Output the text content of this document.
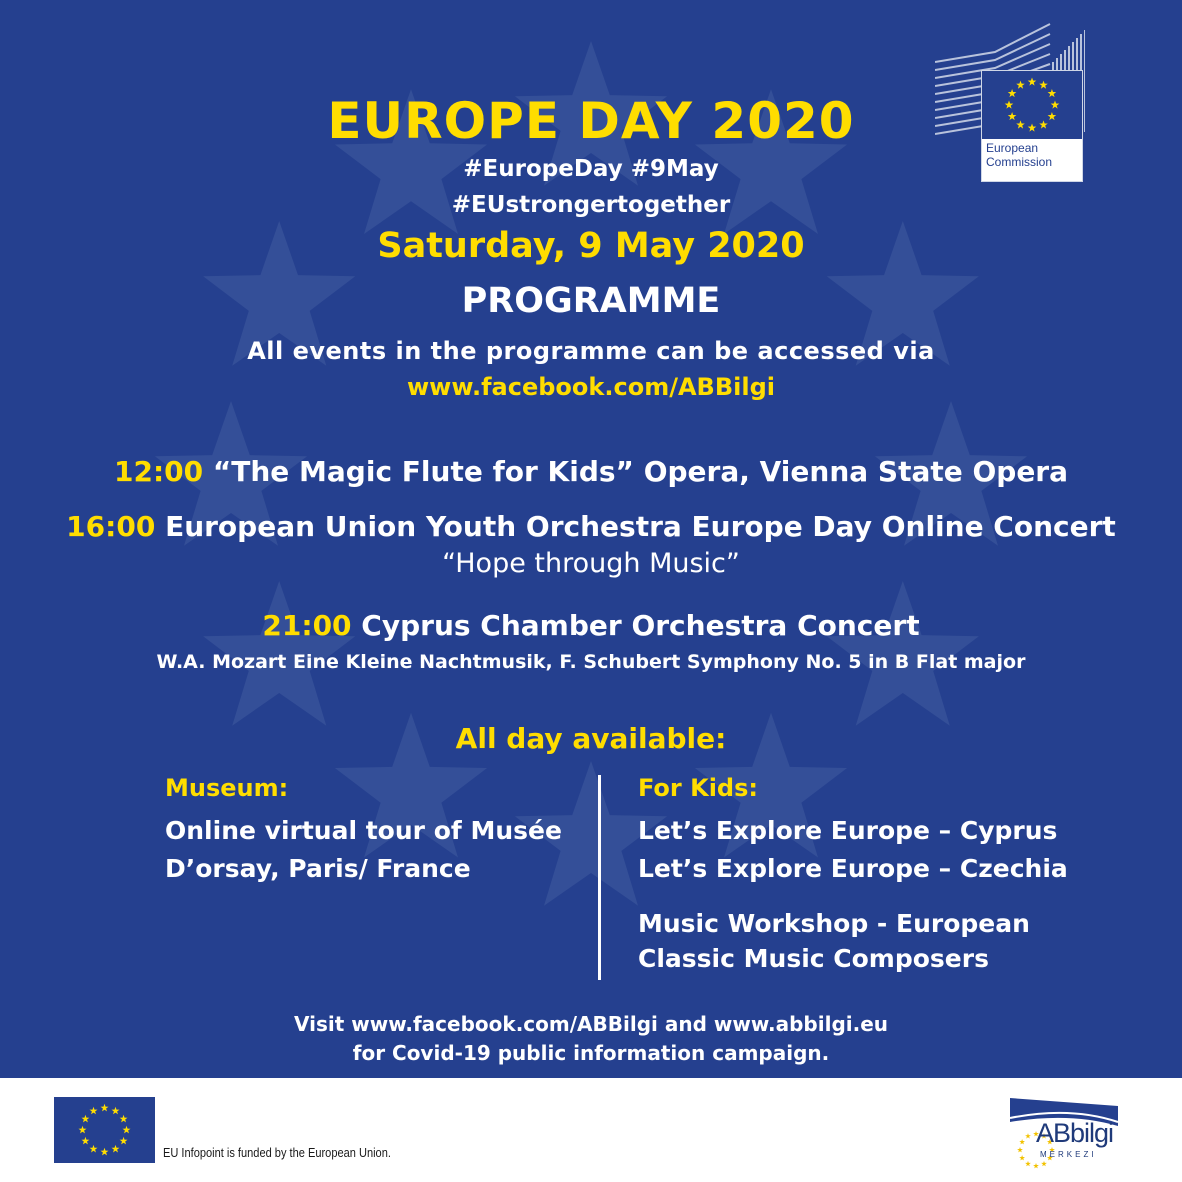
European
Commission
EUROPE DAY 2020
#EuropeDay #9May
#EUstrongertogether
Saturday, 9 May 2020
PROGRAMME
All events in the programme can be accessed via
www.facebook.com/ABBilgi
12:00 “The Magic Flute for Kids” Opera, Vienna State Opera
16:00 European Union Youth Orchestra Europe Day Online Concert
“Hope through Music”
21:00 Cyprus Chamber Orchestra Concert
W.A. Mozart Eine Kleine Nachtmusik, F. Schubert Symphony No. 5 in B Flat major
All day available:
Museum:
Online virtual tour of Musée
D’orsay, Paris/ France
For Kids:
Let’s Explore Europe – Cyprus
Let’s Explore Europe – Czechia
Music Workshop - European
Classic Music Composers
Visit www.facebook.com/ABBilgi and www.abbilgi.eu
for Covid-19 public information campaign.
EU Infopoint is funded by the European Union.
ABbilgi
MERKEZI
